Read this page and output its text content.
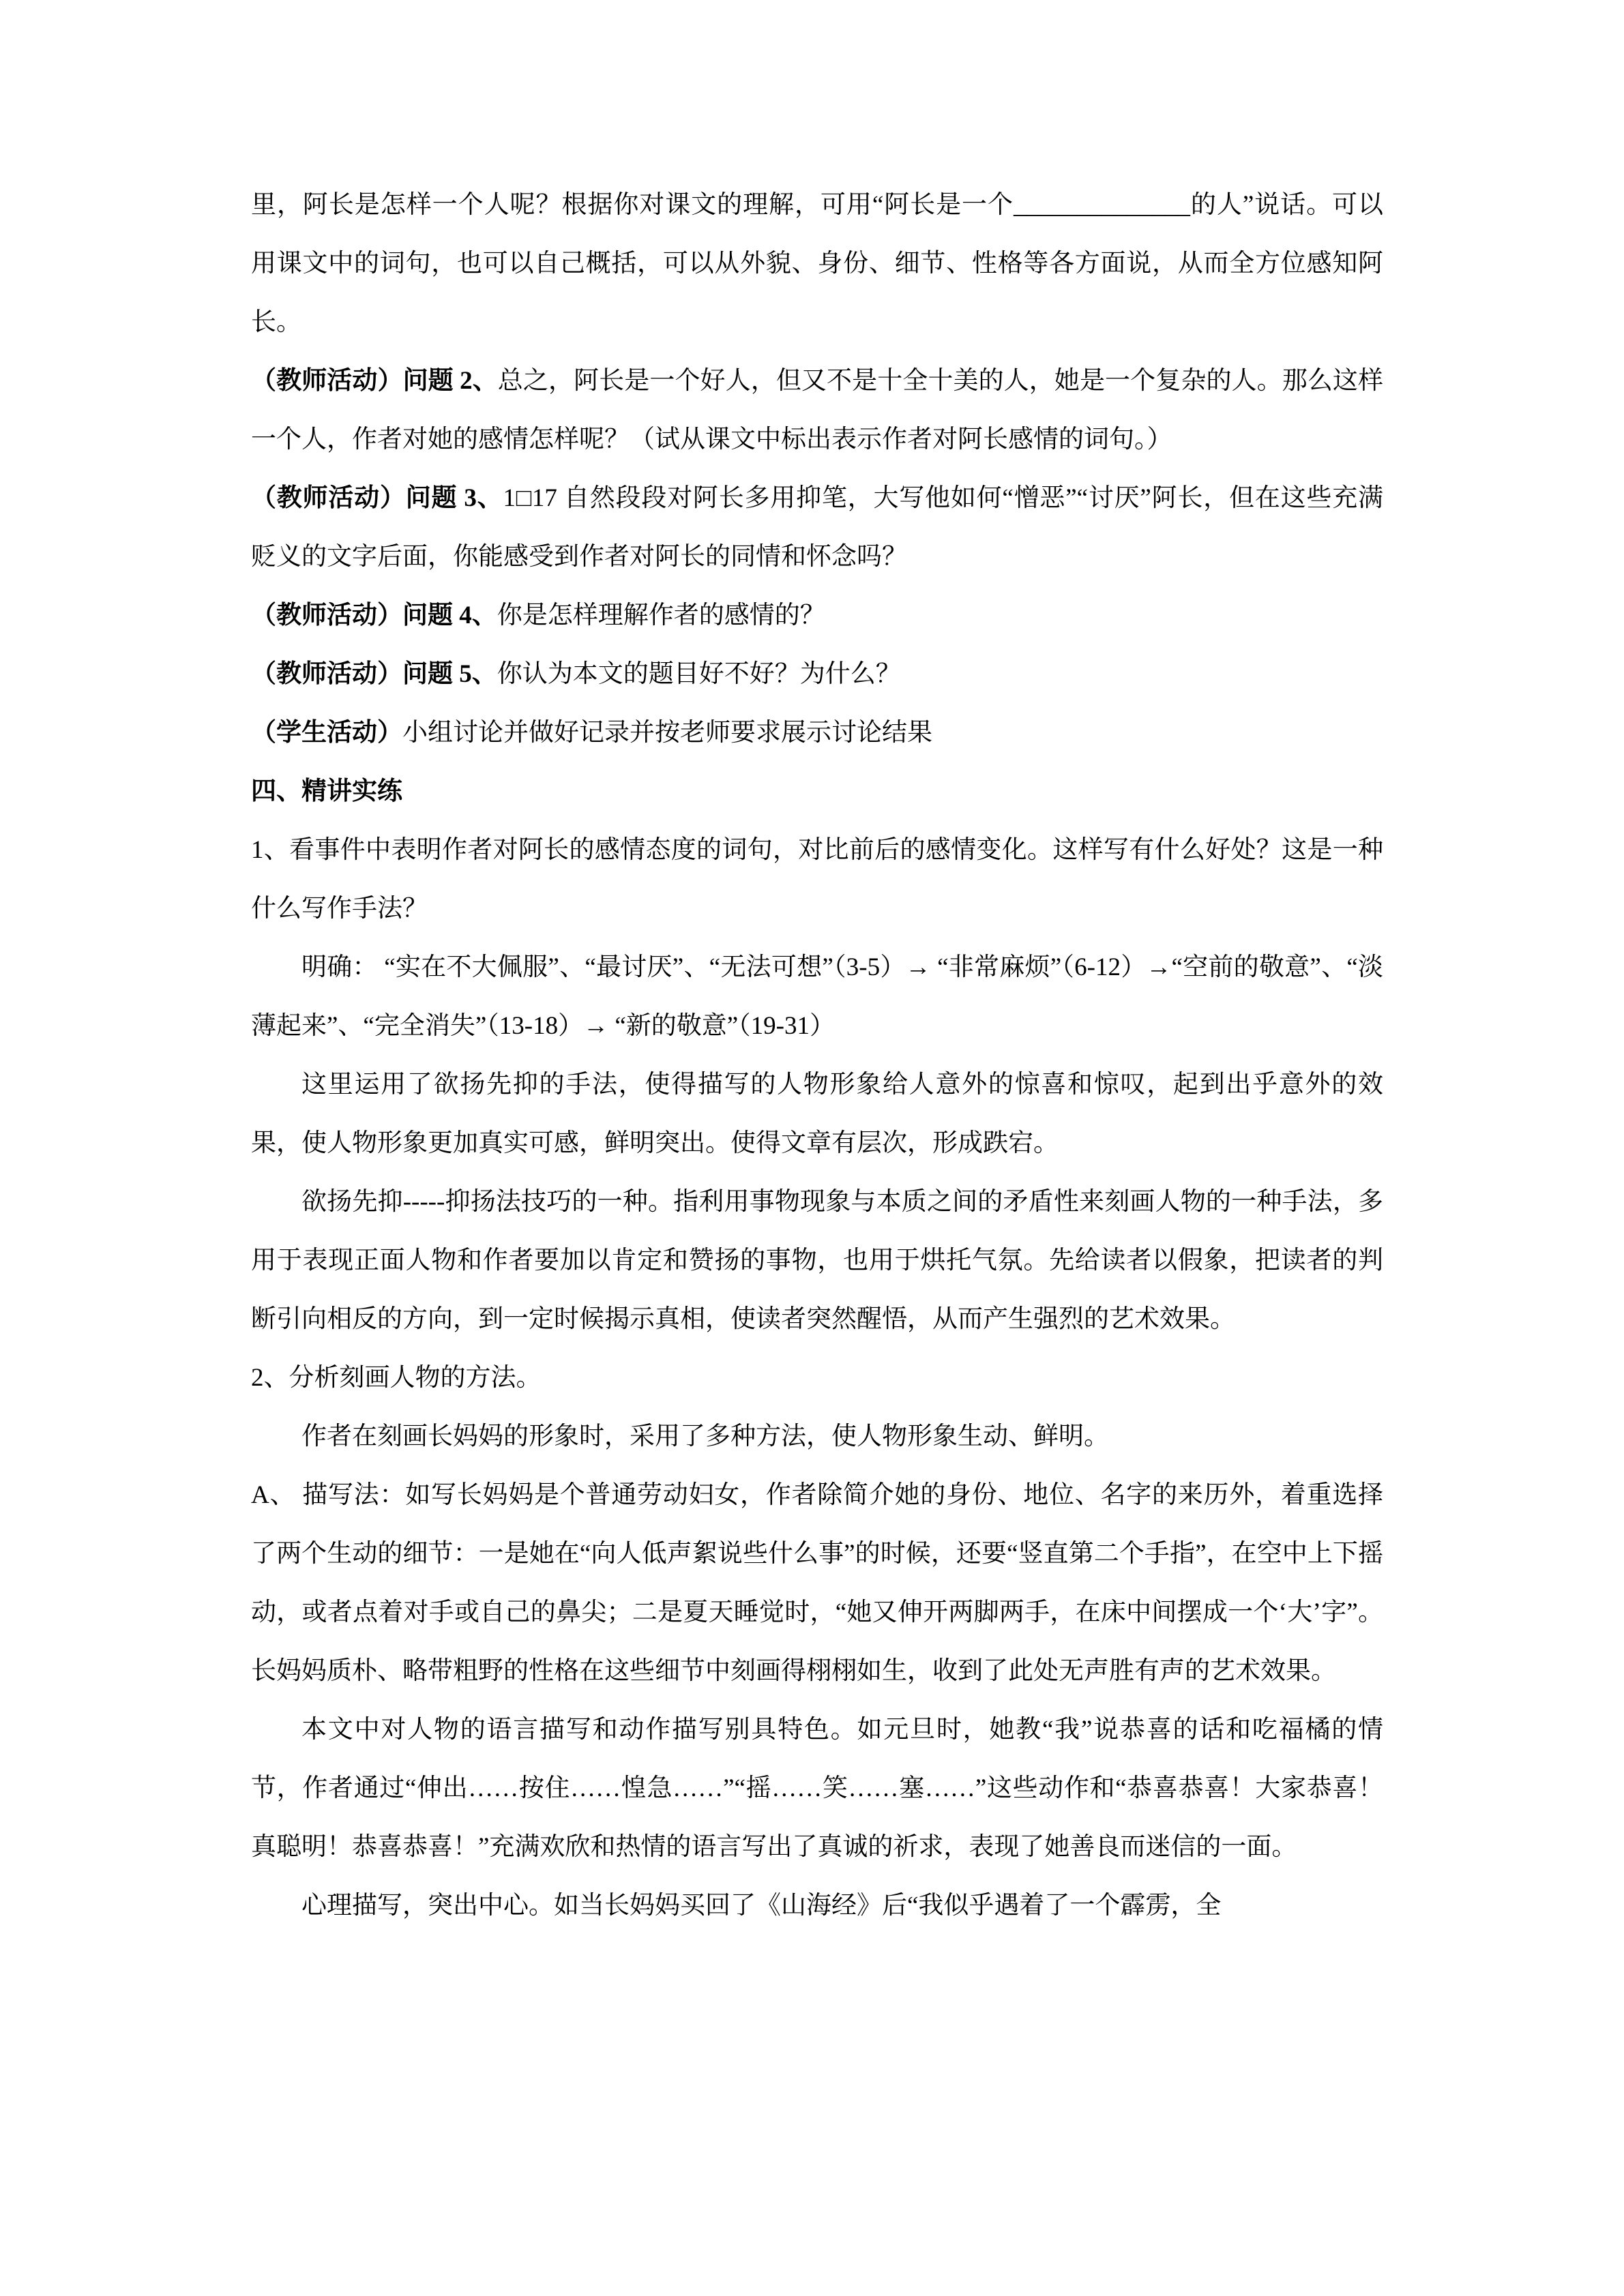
里，阿长是怎样一个人呢？根据你对课文的理解，可用“阿长是一个______________的人”说话。可以用课文中的词句，也可以自己概括，可以从外貌、身份、细节、性格等各方面说，从而全方位感知阿长。

（教师活动）问题 2、总之，阿长是一个好人，但又不是十全十美的人，她是一个复杂的人。那么这样一个人，作者对她的感情怎样呢？（试从课文中标出表示作者对阿长感情的词句。）

（教师活动）问题 3、1□17 自然段段对阿长多用抑笔，大写他如何“憎恶”“讨厌”阿长，但在这些充满贬义的文字后面，你能感受到作者对阿长的同情和怀念吗？

（教师活动）问题 4、你是怎样理解作者的感情的？

（教师活动）问题 5、你认为本文的题目好不好？为什么？

（学生活动）小组讨论并做好记录并按老师要求展示讨论结果

四、精讲实练

1、看事件中表明作者对阿长的感情态度的词句，对比前后的感情变化。这样写有什么好处？这是一种什么写作手法？

明确： “实在不大佩服”、“最讨厌”、“无法可想”（3-5）→ “非常麻烦”（6-12）→“空前的敬意”、“淡薄起来”、“完全消失”（13-18）→ “新的敬意”（19-31）

这里运用了欲扬先抑的手法，使得描写的人物形象给人意外的惊喜和惊叹，起到出乎意外的效果，使人物形象更加真实可感，鲜明突出。使得文章有层次，形成跌宕。

欲扬先抑-----抑扬法技巧的一种。指利用事物现象与本质之间的矛盾性来刻画人物的一种手法，多用于表现正面人物和作者要加以肯定和赞扬的事物，也用于烘托气氛。先给读者以假象，把读者的判断引向相反的方向，到一定时候揭示真相，使读者突然醒悟，从而产生强烈的艺术效果。

2、分析刻画人物的方法。

作者在刻画长妈妈的形象时，采用了多种方法，使人物形象生动、鲜明。

A、 描写法：如写长妈妈是个普通劳动妇女，作者除简介她的身份、地位、名字的来历外，着重选择了两个生动的细节：一是她在“向人低声絮说些什么事”的时候，还要“竖直第二个手指”，在空中上下摇动，或者点着对手或自己的鼻尖；二是夏天睡觉时，“她又伸开两脚两手，在床中间摆成一个‘大’字”。长妈妈质朴、略带粗野的性格在这些细节中刻画得栩栩如生，收到了此处无声胜有声的艺术效果。

本文中对人物的语言描写和动作描写别具特色。如元旦时，她教“我”说恭喜的话和吃福橘的情节，作者通过“伸出……按住……惶急……”“摇……笑……塞……”这些动作和“恭喜恭喜！大家恭喜！真聪明！恭喜恭喜！”充满欢欣和热情的语言写出了真诚的祈求，表现了她善良而迷信的一面。

心理描写，突出中心。如当长妈妈买回了《山海经》后“我似乎遇着了一个霹雳，全
